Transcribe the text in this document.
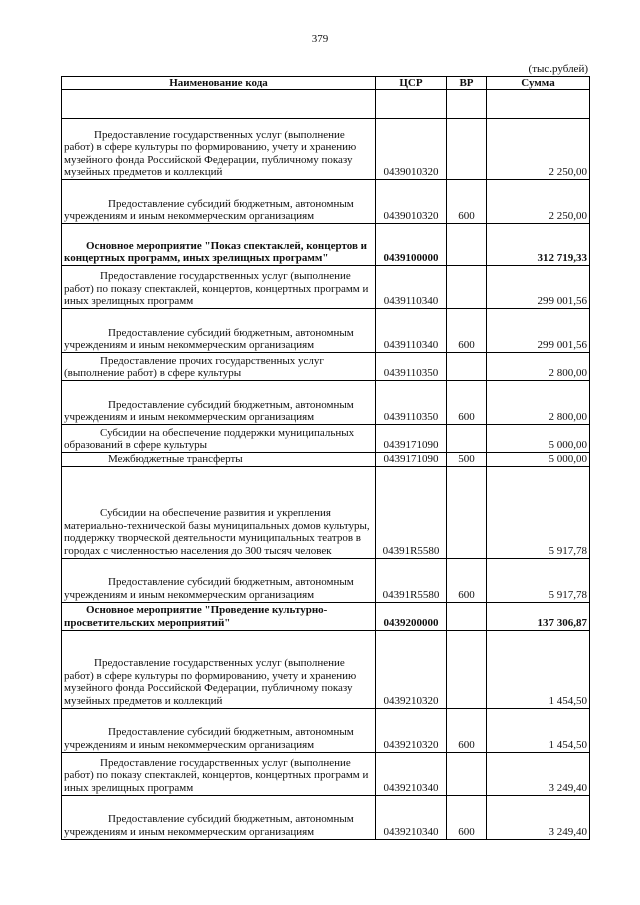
379
(тыс.рублей)
Наименование кода	ЦСР	ВР	Сумма

Предоставление государственных услуг (выполнение работ) в сфере культуры по формированию, учету и хранению музейного фонда Российской Федерации, публичному показу музейных предметов и коллекций	0439010320		2 250,00
Предоставление субсидий бюджетным, автономным учреждениям и иным некоммерческим организациям	0439010320	600	2 250,00
Основное мероприятие "Показ спектаклей, концертов и концертных программ, иных зрелищных программ"	0439100000		312 719,33
Предоставление государственных услуг (выполнение работ) по показу спектаклей, концертов, концертных программ и иных зрелищных программ	0439110340		299 001,56
Предоставление субсидий бюджетным, автономным учреждениям и иным некоммерческим организациям	0439110340	600	299 001,56
Предоставление прочих государственных услуг (выполнение работ) в сфере культуры	0439110350		2 800,00
Предоставление субсидий бюджетным, автономным учреждениям и иным некоммерческим организациям	0439110350	600	2 800,00
Субсидии на обеспечение поддержки муниципальных образований в сфере культуры	0439171090		5 000,00
Межбюджетные трансферты	0439171090	500	5 000,00
Субсидии на обеспечение развития и укрепления материально-технической базы муниципальных домов культуры, поддержку творческой деятельности муниципальных театров в городах с численностью населения до 300 тысяч человек	04391R5580		5 917,78
Предоставление субсидий бюджетным, автономным учреждениям и иным некоммерческим организациям	04391R5580	600	5 917,78
Основное мероприятие "Проведение культурно-просветительских мероприятий"	0439200000		137 306,87
Предоставление государственных услуг (выполнение работ) в сфере культуры по формированию, учету и хранению музейного фонда Российской Федерации, публичному показу музейных предметов и коллекций	0439210320		1 454,50
Предоставление субсидий бюджетным, автономным учреждениям и иным некоммерческим организациям	0439210320	600	1 454,50
Предоставление государственных услуг (выполнение работ) по показу спектаклей, концертов, концертных программ и иных зрелищных программ	0439210340		3 249,40
Предоставление субсидий бюджетным, автономным учреждениям и иным некоммерческим организациям	0439210340	600	3 249,40
